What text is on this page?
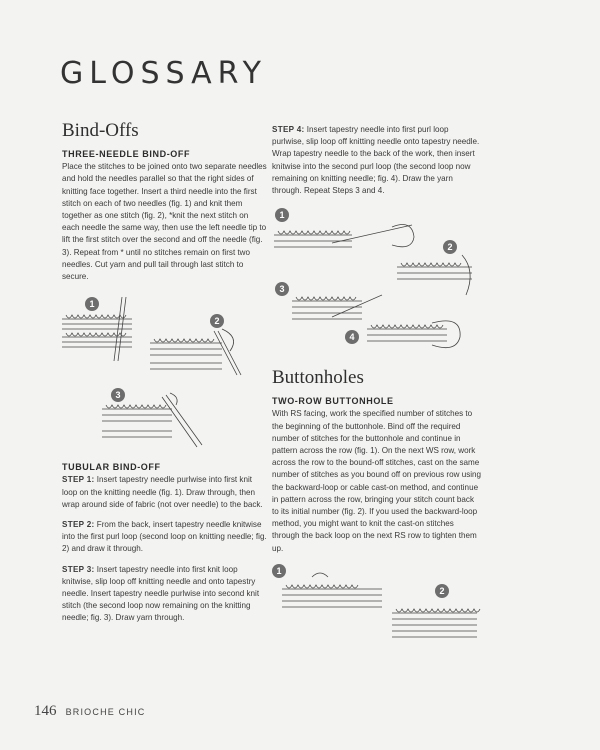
GLOSSARY
Bind-Offs
THREE-NEEDLE BIND-OFF

Place the stitches to be joined onto two separate needles and hold the needles parallel so that the right sides of knitting face together. Insert a third needle into the first stitch on each of two needles (fig. 1) and knit them together as one stitch (fig. 2), *knit the next stitch on each needle the same way, then use the left needle tip to lift the first stitch over the second and off the needle (fig. 3). Repeat from * until no stitches remain on first two needles. Cut yarn and pull tail through last stitch to secure.

1
2
3
TUBULAR BIND-OFF

STEP 1: Insert tapestry needle purlwise into first knit loop on the knitting needle (fig. 1). Draw through, then wrap around side of fabric (not over needle) to the back.

STEP 2: From the back, insert tapestry needle knitwise into the first purl loop (second loop on knitting needle; fig. 2) and draw it through.

STEP 3: Insert tapestry needle into first knit loop knitwise, slip loop off knitting needle and onto tapestry needle. Insert tapestry needle purlwise into second knit stitch (the second loop now remaining on the knitting needle; fig. 3). Draw yarn through.

STEP 4: Insert tapestry needle into first purl loop purlwise, slip loop off knitting needle onto tapestry needle. Wrap tapestry needle to the back of the work, then insert knitwise into the second purl loop (the second loop now remaining on knitting needle; fig. 4). Draw the yarn through. Repeat Steps 3 and 4.

1
2
3
4
Buttonholes
TWO-ROW BUTTONHOLE

With RS facing, work the specified number of stitches to the beginning of the buttonhole. Bind off the required number of stitches for the buttonhole and continue in pattern across the row (fig. 1). On the next WS row, work across the row to the bound-off stitches, cast on the same number of stitches as you bound off on previous row using the backward-loop or cable cast-on method, and continue in pattern across the row, bringing your stitch count back to its initial number (fig. 2). If you used the backward-loop method, you might want to knit the cast-on stitches through the back loop on the next RS row to tighten them up.

1
2
146 BRIOCHE CHIC
